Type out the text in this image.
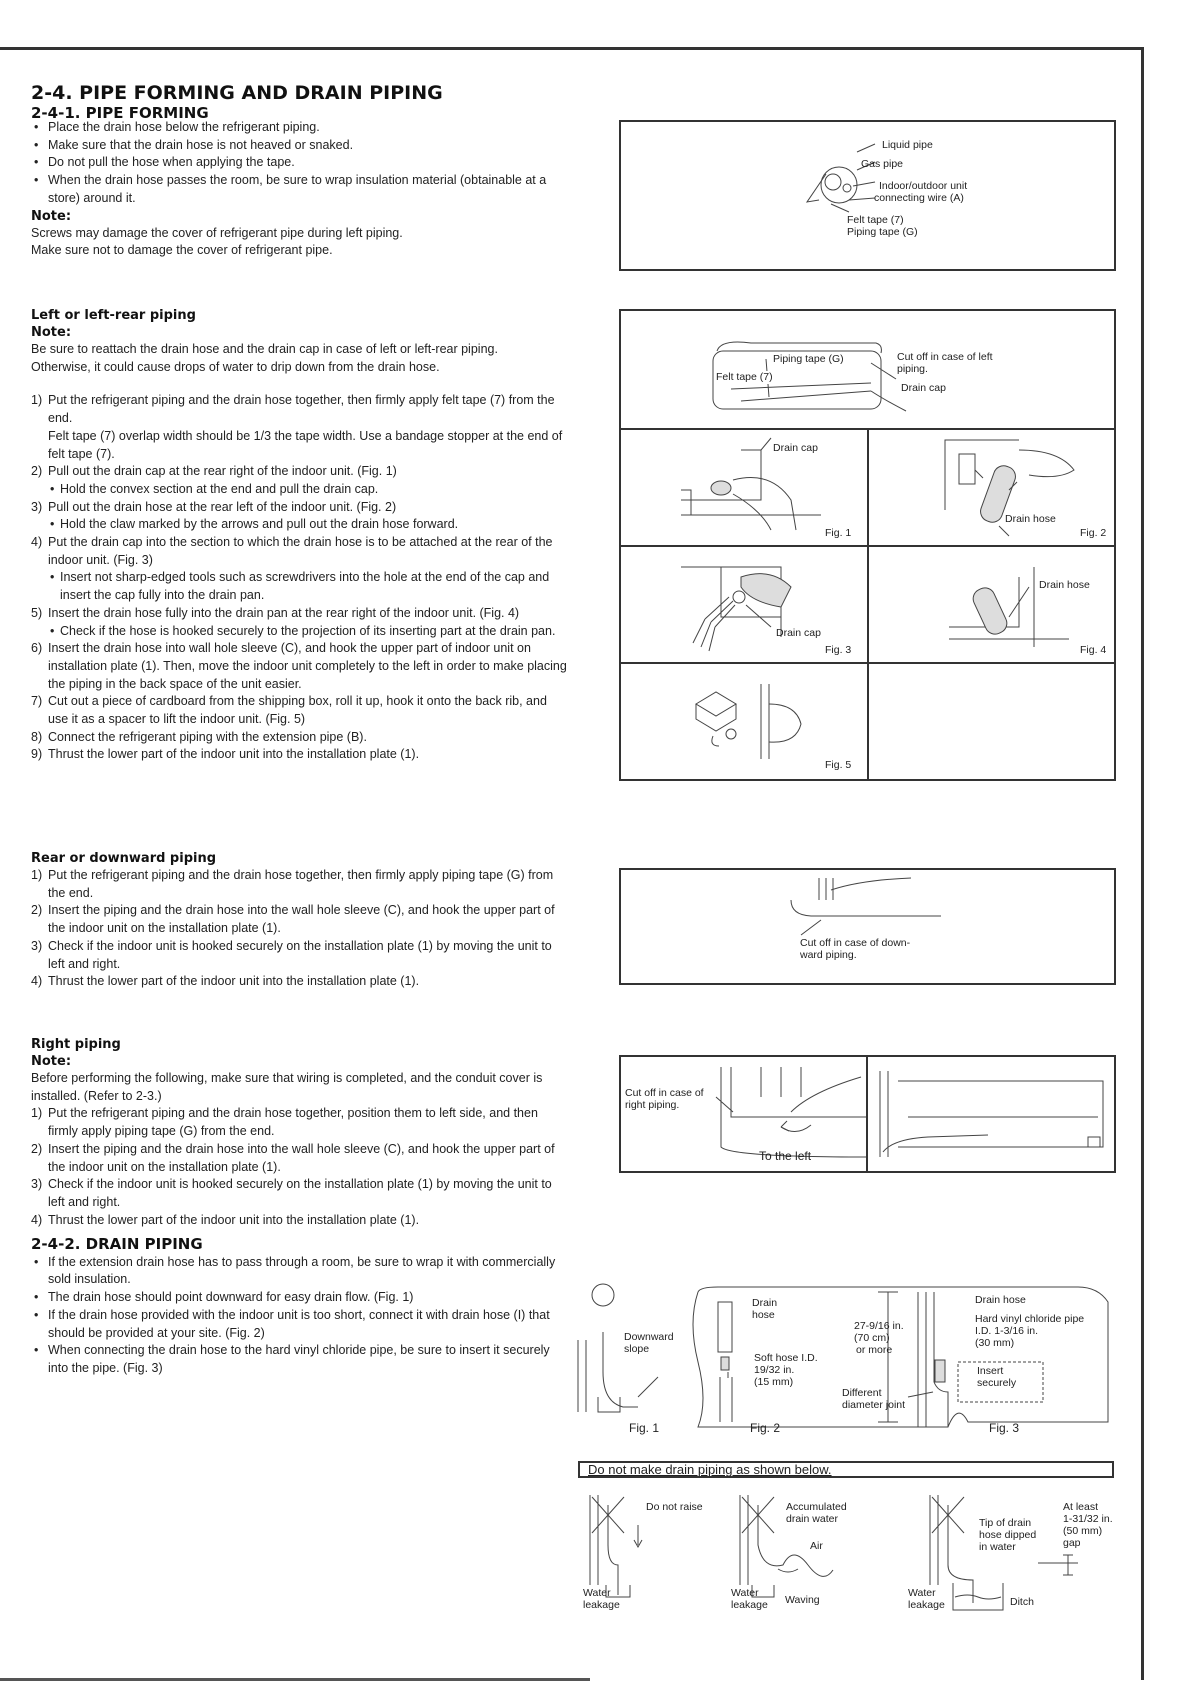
2-4. PIPE FORMING AND DRAIN PIPING
2-4-1. PIPE FORMING
• Place the drain hose below the refrigerant piping.
• Make sure that the drain hose is not heaved or snaked.
• Do not pull the hose when applying the tape.
• When the drain hose passes the room, be sure to wrap insulation material (obtainable at a store) around it.

Note:

Screws may damage the cover of refrigerant pipe during left piping.

Make sure not to damage the cover of refrigerant pipe.

Left or left-rear piping

Note:

Be sure to reattach the drain hose and the drain cap in case of left or left-rear piping.

Otherwise, it could cause drops of water to drip down from the drain hose.

1) Put the refrigerant piping and the drain hose together, then firmly apply felt tape (7) from the end.
Felt tape (7) overlap width should be 1/3 the tape width. Use a bandage stopper at the end of felt tape (7).
2) Pull out the drain cap at the rear right of the indoor unit. (Fig. 1)
• Hold the convex section at the end and pull the drain cap.
3) Pull out the drain hose at the rear left of the indoor unit. (Fig. 2)
• Hold the claw marked by the arrows and pull out the drain hose forward.
4) Put the drain cap into the section to which the drain hose is to be attached at the rear of the indoor unit. (Fig. 3)
• Insert not sharp-edged tools such as screwdrivers into the hole at the end of the cap and insert the cap fully into the drain pan.
5) Insert the drain hose fully into the drain pan at the rear right of the indoor unit. (Fig. 4)
• Check if the hose is hooked securely to the projection of its inserting part at the drain pan.
6) Insert the drain hose into wall hole sleeve (C), and hook the upper part of indoor unit on installation plate (1). Then, move the indoor unit completely to the left in order to make placing the piping in the back space of the unit easier.
7) Cut out a piece of cardboard from the shipping box, roll it up, hook it onto the back rib, and use it as a spacer to lift the indoor unit. (Fig. 5)
8) Connect the refrigerant piping with the extension pipe (B).
9) Thrust the lower part of the indoor unit into the installation plate (1).

Rear or downward piping

1) Put the refrigerant piping and the drain hose together, then firmly apply piping tape (G) from the end.
2) Insert the piping and the drain hose into the wall hole sleeve (C), and hook the upper part of the indoor unit on the installation plate (1).
3) Check if the indoor unit is hooked securely on the installation plate (1) by moving the unit to left and right.
4) Thrust the lower part of the indoor unit into the installation plate (1).

Right piping

Note:

Before performing the following, make sure that wiring is completed, and the conduit cover is installed. (Refer to 2-3.)

1) Put the refrigerant piping and the drain hose together, position them to left side, and then firmly apply piping tape (G) from the end.
2) Insert the piping and the drain hose into the wall hole sleeve (C), and hook the upper part of the indoor unit on the installation plate (1).
3) Check if the indoor unit is hooked securely on the installation plate (1) by moving the unit to left and right.
4) Thrust the lower part of the indoor unit into the installation plate (1).
2-4-2. DRAIN PIPING
• If the extension drain hose has to pass through a room, be sure to wrap it with commercially sold insulation.
• The drain hose should point downward for easy drain flow. (Fig. 1)
• If the drain hose provided with the indoor unit is too short, connect it with drain hose (I) that should be provided at your site. (Fig. 2)
• When connecting the drain hose to the hard vinyl chloride pipe, be sure to insert it securely into the pipe. (Fig. 3)
Liquid pipe
Gas pipe
Indoor/outdoor unit
connecting wire (A)
Felt tape (7)
Piping tape (G)
Piping tape (G)
Felt tape (7)
Cut off in case of left
piping.
Drain cap
Drain cap
Fig. 1
Drain hose
Fig. 2
Drain cap
Fig. 3
Drain hose
Fig. 4
Fig. 5
Cut off in case of down-
ward piping.
Cut off in case of
right piping.
To the left
Downward
slope
Fig. 1
Drain
hose
Soft hose I.D.
19/32 in.
(15 mm)
27-9/16 in.
(70 cm)
or more
Different
diameter joint
Fig. 2
Drain hose
Hard vinyl chloride pipe
I.D. 1-3/16 in.
(30 mm)
Insert
securely
Fig. 3
Do not make drain piping as shown below.
Do not raise
Water
leakage
Accumulated
drain water
Air
Water
leakage Waving
Tip of drain
hose dipped
in water
At least
1-31/32 in.
(50 mm)
gap
Water
leakage	Ditch
